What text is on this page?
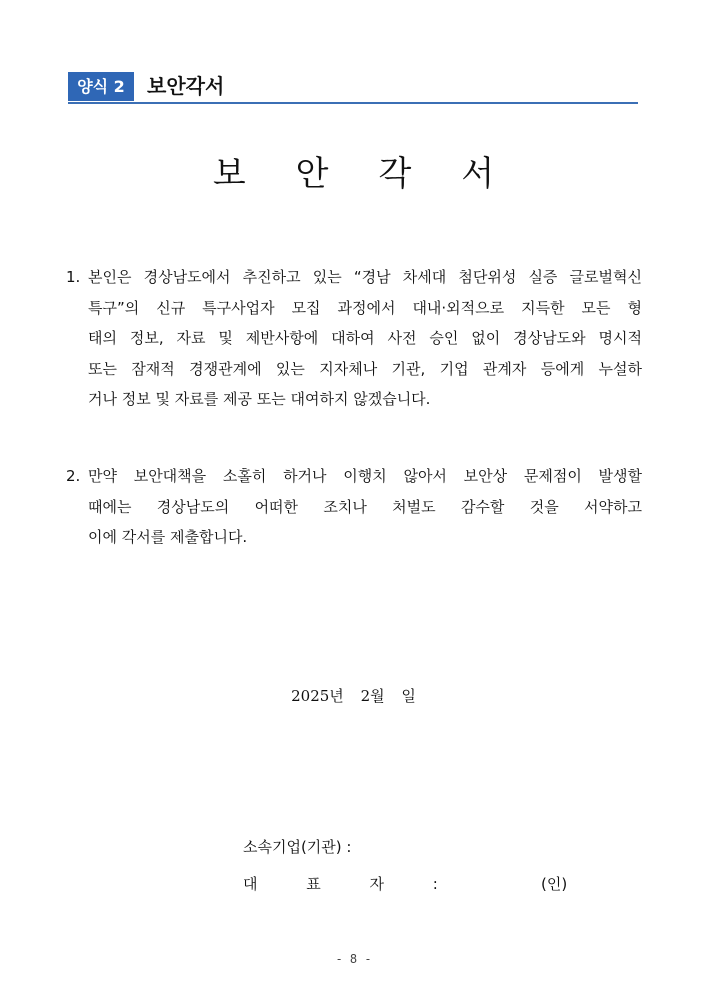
양식 2	보안각서
보 안 각 서
1. 본인은 경상남도에서 추진하고 있는 “경남 차세대 첨단위성 실증 글로벌혁신
특구”의 신규 특구사업자 모집 과정에서 대내·외적으로 지득한 모든 형
태의 정보, 자료 및 제반사항에 대하여 사전 승인 없이 경상남도와 명시적
또는 잠재적 경쟁관계에 있는 지자체나 기관, 기업 관계자 등에게 누설하
거나 정보 및 자료를 제공 또는 대여하지 않겠습니다.
2. 만약 보안대책을 소홀히 하거나 이행치 않아서 보안상 문제점이 발생할
때에는 경상남도의 어떠한 조치나 처벌도 감수할 것을 서약하고
이에 각서를 제출합니다.
2025년 2월 일
소속기업(기관) :
대 표 자 :	(인)
- 8 -
